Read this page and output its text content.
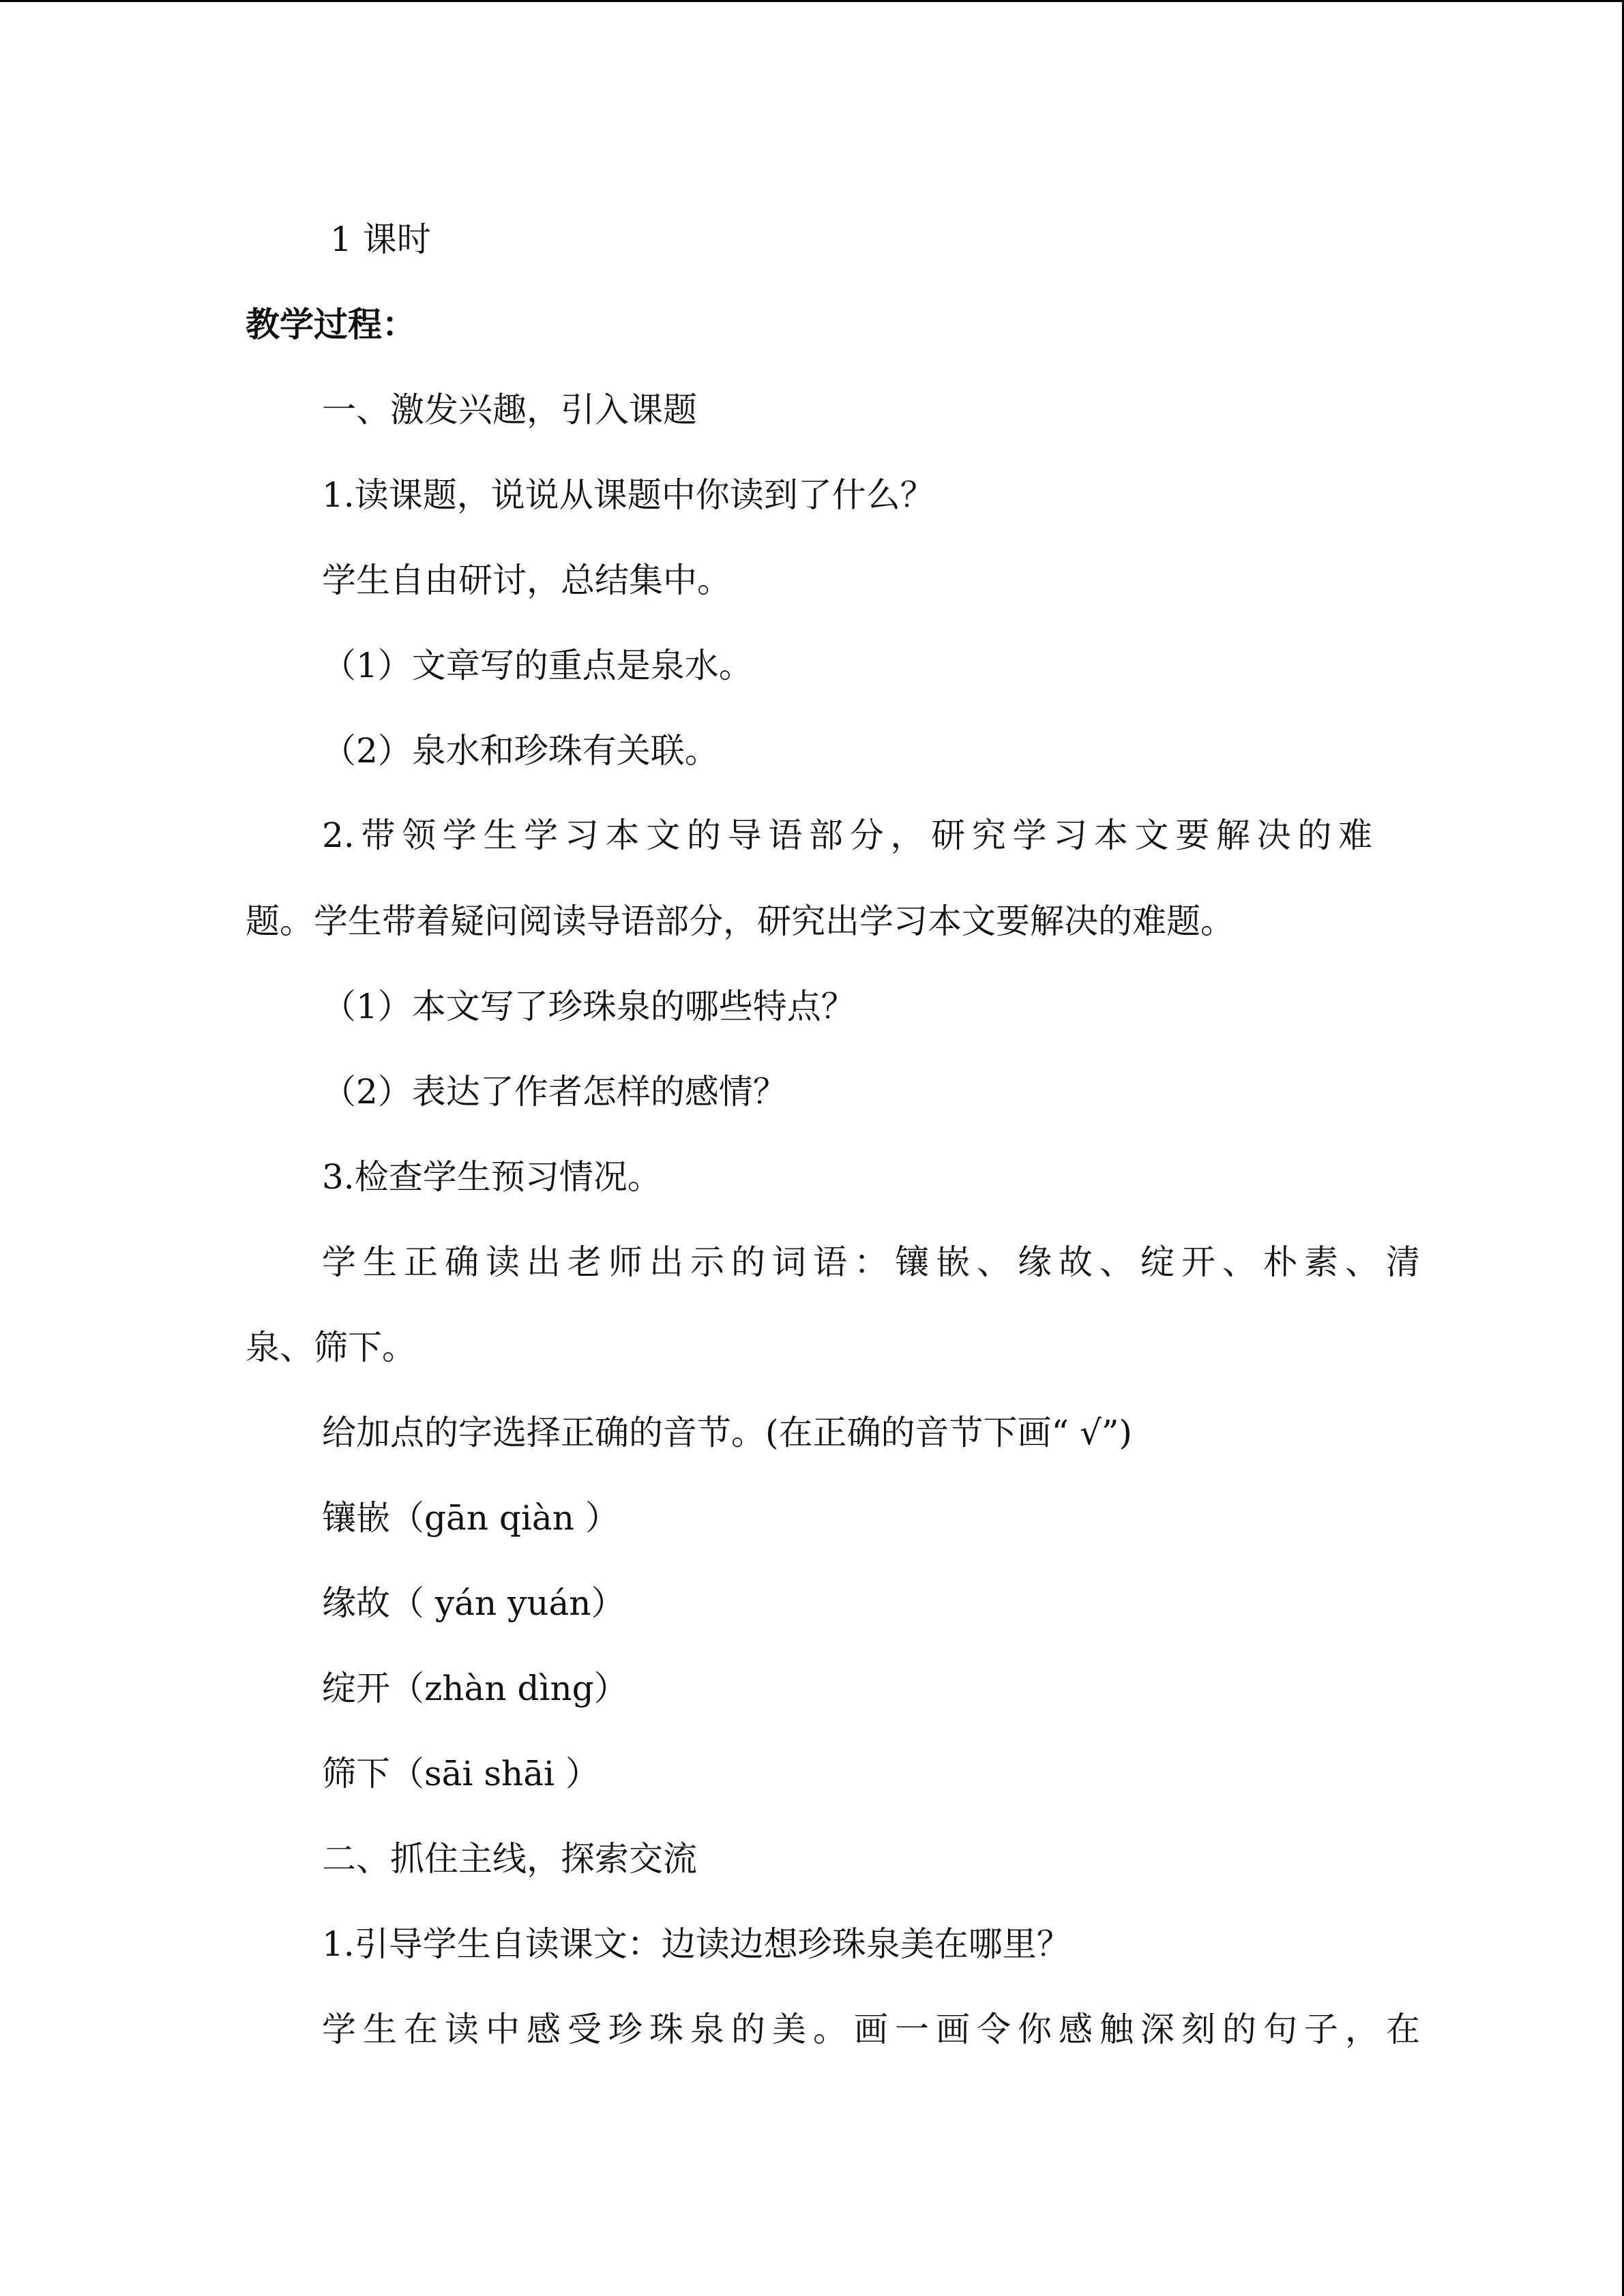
1 课时
教学过程：
一、激发兴趣，引入课题
1.读课题，说说从课题中你读到了什么？
学生自由研讨，总结集中。
（1）文章写的重点是泉水。
（2）泉水和珍珠有关联。
2.带领学生学习本文的导语部分，研究学习本文要解决的难
题。学生带着疑问阅读导语部分，研究出学习本文要解决的难题。
（1）本文写了珍珠泉的哪些特点？
（2）表达了作者怎样的感情？
3.检查学生预习情况。
学生正确读出老师出示的词语：镶嵌、缘故、绽开、朴素、清
泉、筛下。
给加点的字选择正确的音节。(在正确的音节下画“ √”)
镶嵌（gān qiàn ）
缘故（ yán yuán）
绽开（zhàn dìng）
筛下（sāi shāi ）
二、抓住主线，探索交流
1.引导学生自读课文：边读边想珍珠泉美在哪里？
学生在读中感受珍珠泉的美。画一画令你感触深刻的句子，在
